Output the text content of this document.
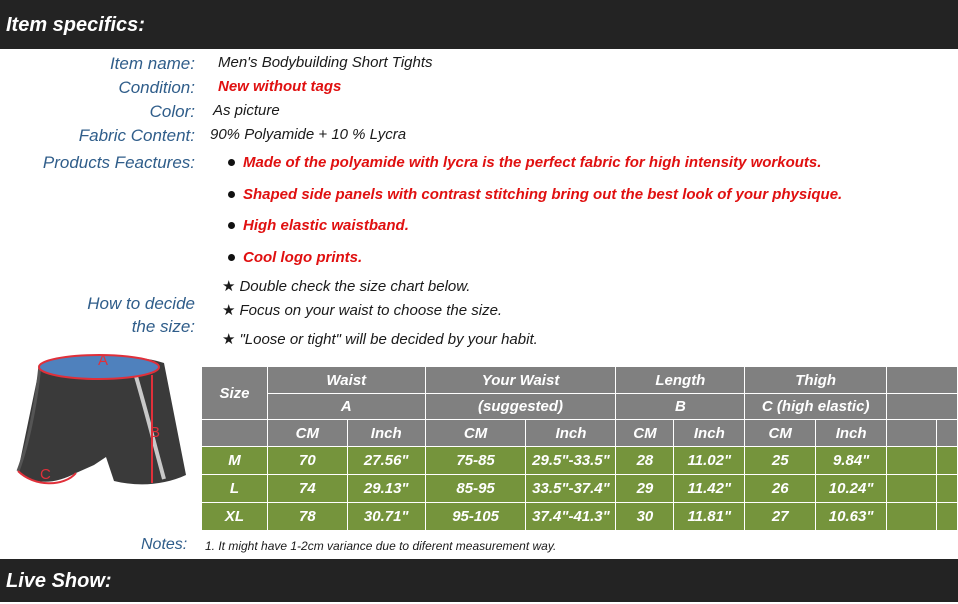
Item specifics:
Item name: Men's Bodybuilding Short Tights
Condition: New without tags
Color: As picture
Fabric Content: 90% Polyamide + 10 % Lycra
Products Feactures:	Made of the polyamide with lycra is the perfect fabric for high intensity workouts.
Shaped side panels with contrast stitching bring out the best look of your physique.
High elastic waistband.
Cool logo prints.
How to decide
the size:
★ Double check the size chart below.
★ Focus on your waist to choose the size.
★ "Loose or tight" will be decided by your habit.
A
B
C
Size	Waist		Your Waist		Length		Thigh			
	A		(suggested)		B		C (high elastic)			
	CM	Inch	CM	Inch	CM	Inch	CM	Inch		
M	70	27.56"	75-85	29.5"-33.5"	28	11.02"	25	9.84"		
L	74	29.13"	85-95	33.5"-37.4"	29	11.42"	26	10.24"		
XL	78	30.71"	95-105	37.4"-41.3"	30	11.81"	27	10.63"		
Notes: 1. It might have 1-2cm variance due to diferent measurement way.
Live Show:
